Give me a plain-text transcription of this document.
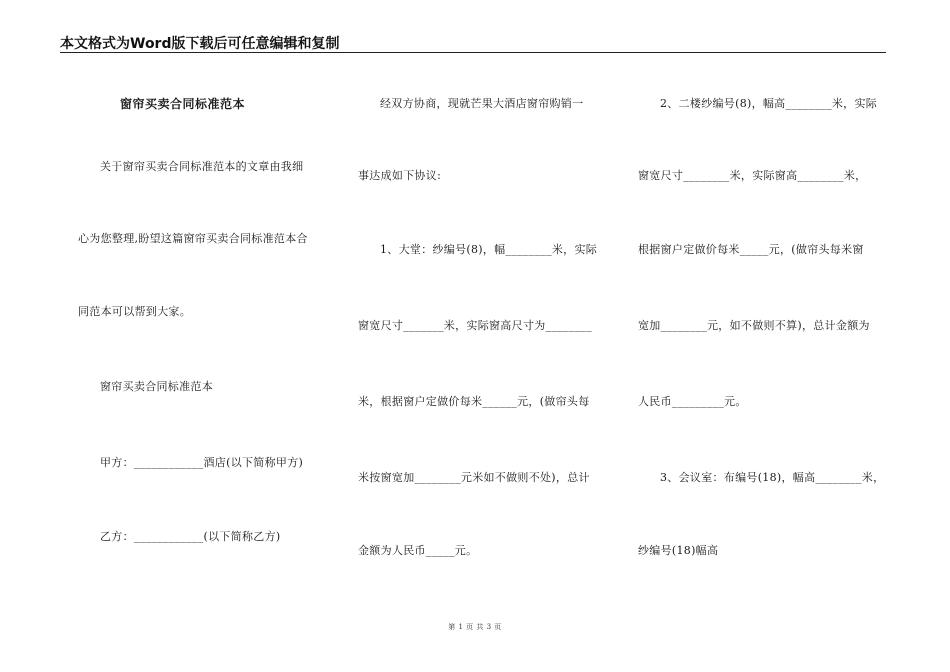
本文格式为Word版下载后可任意编辑和复制
窗帘买卖合同标准范本
关于窗帘买卖合同标准范本的文章由我细
心为您整理,盼望这篇窗帘买卖合同标准范本合
同范本可以帮到大家。
窗帘买卖合同标准范本
甲方：____________酒店(以下简称甲方)
乙方：____________(以下简称乙方)
经双方协商，现就芒果大酒店窗帘购销一
事达成如下协议:
1、大堂：纱编号(8)，幅________米，实际
窗宽尺寸_______米，实际窗高尺寸为________
米，根据窗户定做价每米______元，(做帘头每
米按窗宽加________元米如不做则不处)，总计
金额为人民币_____元。
2、二楼纱编号(8)，幅高________米，实际
窗宽尺寸________米，实际窗高________米，
根据窗户定做价每米_____元，(做帘头每米窗
宽加________元，如不做则不算)，总计金额为
人民币_________元。
3、会议室：布编号(18)，幅高________米，
纱编号(18)幅高
第 1 页 共 3 页
